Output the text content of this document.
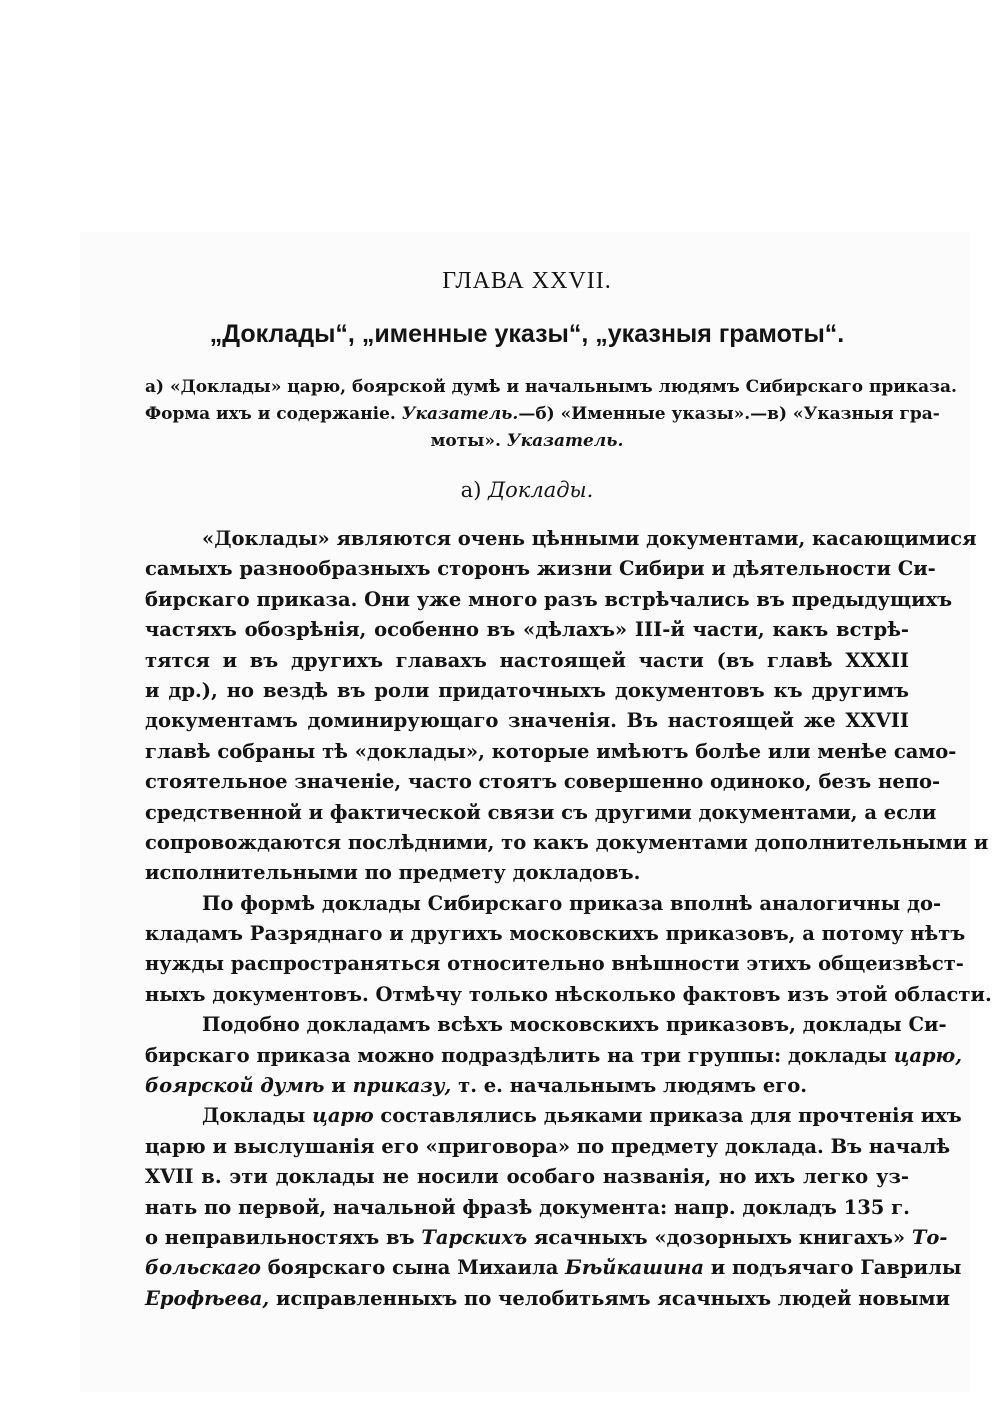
ГЛАВА XXVII.
„Доклады“, „именные указы“, „указныя грамоты“.
а) «Доклады» царю, боярской думѣ и начальнымъ людямъ Сибирскаго приказа.
Форма ихъ и содержаніе. Указатель.—б) «Именные указы».—в) «Указныя гра-
моты». Указатель.
а) Доклады.
«Доклады» являются очень цѣнными документами, касающимися
самыхъ разнообразныхъ сторонъ жизни Сибири и дѣятельности Си-
бирскаго приказа. Они уже много разъ встрѣчались въ предыдущихъ
частяхъ обозрѣнія, особенно въ «дѣлахъ» III-й части, какъ встрѣ-
тятся и въ другихъ главахъ настоящей части (въ главѣ XXXII
и др.), но вездѣ въ роли придаточныхъ документовъ къ другимъ
документамъ доминирующаго значенія. Въ настоящей же XXVII
главѣ собраны тѣ «доклады», которые имѣютъ болѣе или менѣе само-
стоятельное значеніе, часто стоятъ совершенно одиноко, безъ непо-
средственной и фактической связи съ другими документами, а если
сопровождаются послѣдними, то какъ документами дополнительными и
исполнительными по предмету докладовъ.
По формѣ доклады Сибирскаго приказа вполнѣ аналогичны до-
кладамъ Разряднаго и другихъ московскихъ приказовъ, а потому нѣтъ
нужды распространяться относительно внѣшности этихъ общеизвѣст-
ныхъ документовъ. Отмѣчу только нѣсколько фактовъ изъ этой области.
Подобно докладамъ всѣхъ московскихъ приказовъ, доклады Си-
бирскаго приказа можно подраздѣлить на три группы: доклады царю,
боярской думѣ и приказу, т. е. начальнымъ людямъ его.
Доклады царю составлялись дьяками приказа для прочтенія ихъ
царю и выслушанія его «приговора» по предмету доклада. Въ началѣ
XVII в. эти доклады не носили особаго названія, но ихъ легко уз-
нать по первой, начальной фразѣ документа: напр. докладъ 135 г.
о неправильностяхъ въ Тарскихъ ясачныхъ «дозорныхъ книгахъ» То-
больскаго боярскаго сына Михаила Бѣйкашина и подъячаго Гаврилы
Ерофѣева, исправленныхъ по челобитьямъ ясачныхъ людей новыми
